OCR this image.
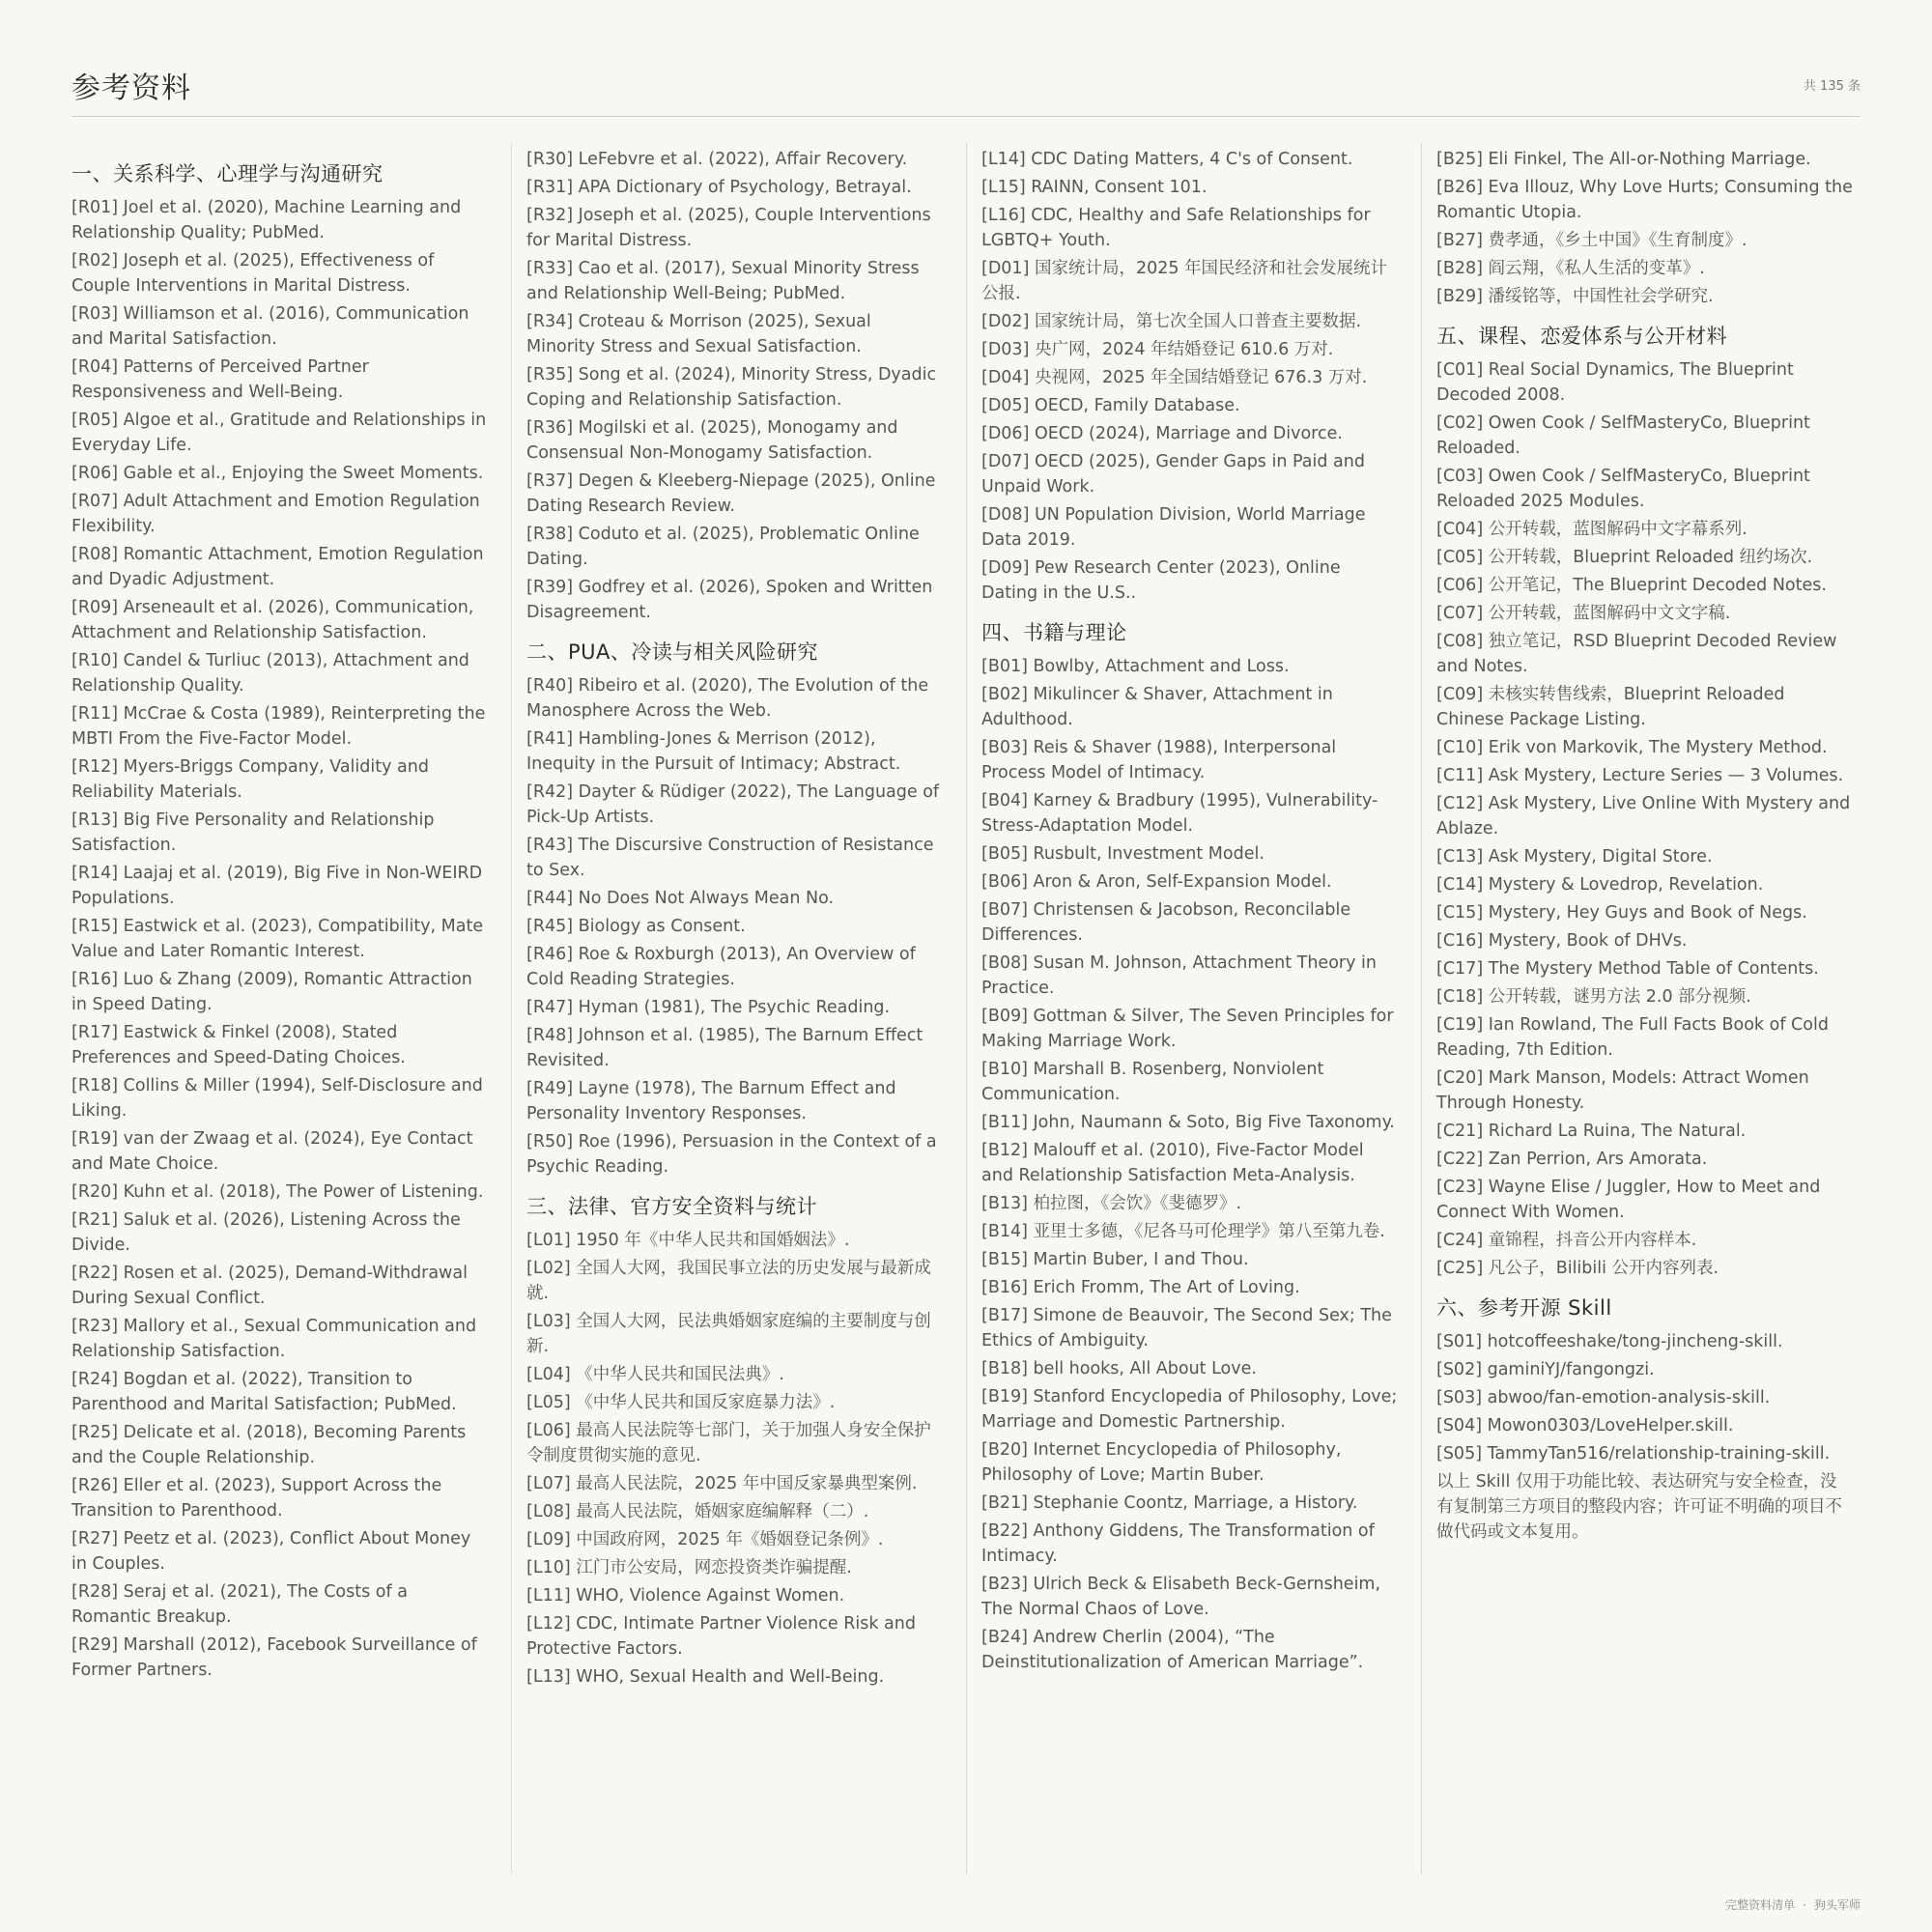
参考资料	共 135 条
一、关系科学、心理学与沟通研究
[R01] Joel et al. (2020), Machine Learning and Relationship Quality; PubMed.
[R02] Joseph et al. (2025), Effectiveness of Couple Interventions in Marital Distress.
[R03] Williamson et al. (2016), Communication and Marital Satisfaction.
[R04] Patterns of Perceived Partner Responsiveness and Well-Being.
[R05] Algoe et al., Gratitude and Relationships in Everyday Life.
[R06] Gable et al., Enjoying the Sweet Moments.
[R07] Adult Attachment and Emotion Regulation Flexibility.
[R08] Romantic Attachment, Emotion Regulation and Dyadic Adjustment.
[R09] Arseneault et al. (2026), Communication, Attachment and Relationship Satisfaction.
[R10] Candel & Turliuc (2013), Attachment and Relationship Quality.
[R11] McCrae & Costa (1989), Reinterpreting the MBTI From the Five-Factor Model.
[R12] Myers-Briggs Company, Validity and Reliability Materials.
[R13] Big Five Personality and Relationship Satisfaction.
[R14] Laajaj et al. (2019), Big Five in Non-WEIRD Populations.
[R15] Eastwick et al. (2023), Compatibility, Mate Value and Later Romantic Interest.
[R16] Luo & Zhang (2009), Romantic Attraction in Speed Dating.
[R17] Eastwick & Finkel (2008), Stated Preferences and Speed-Dating Choices.
[R18] Collins & Miller (1994), Self-Disclosure and Liking.
[R19] van der Zwaag et al. (2024), Eye Contact and Mate Choice.
[R20] Kuhn et al. (2018), The Power of Listening.
[R21] Saluk et al. (2026), Listening Across the Divide.
[R22] Rosen et al. (2025), Demand-Withdrawal During Sexual Conflict.
[R23] Mallory et al., Sexual Communication and Relationship Satisfaction.
[R24] Bogdan et al. (2022), Transition to Parenthood and Marital Satisfaction; PubMed.
[R25] Delicate et al. (2018), Becoming Parents and the Couple Relationship.
[R26] Eller et al. (2023), Support Across the Transition to Parenthood.
[R27] Peetz et al. (2023), Conflict About Money in Couples.
[R28] Seraj et al. (2021), The Costs of a Romantic Breakup.
[R29] Marshall (2012), Facebook Surveillance of Former Partners.
[R30] LeFebvre et al. (2022), Affair Recovery.
[R31] APA Dictionary of Psychology, Betrayal.
[R32] Joseph et al. (2025), Couple Interventions for Marital Distress.
[R33] Cao et al. (2017), Sexual Minority Stress and Relationship Well-Being; PubMed.
[R34] Croteau & Morrison (2025), Sexual Minority Stress and Sexual Satisfaction.
[R35] Song et al. (2024), Minority Stress, Dyadic Coping and Relationship Satisfaction.
[R36] Mogilski et al. (2025), Monogamy and Consensual Non-Monogamy Satisfaction.
[R37] Degen & Kleeberg-Niepage (2025), Online Dating Research Review.
[R38] Coduto et al. (2025), Problematic Online Dating.
[R39] Godfrey et al. (2026), Spoken and Written Disagreement.
二、PUA、冷读与相关风险研究
[R40] Ribeiro et al. (2020), The Evolution of the Manosphere Across the Web.
[R41] Hambling-Jones & Merrison (2012), Inequity in the Pursuit of Intimacy; Abstract.
[R42] Dayter & Rüdiger (2022), The Language of Pick-Up Artists.
[R43] The Discursive Construction of Resistance to Sex.
[R44] No Does Not Always Mean No.
[R45] Biology as Consent.
[R46] Roe & Roxburgh (2013), An Overview of Cold Reading Strategies.
[R47] Hyman (1981), The Psychic Reading.
[R48] Johnson et al. (1985), The Barnum Effect Revisited.
[R49] Layne (1978), The Barnum Effect and Personality Inventory Responses.
[R50] Roe (1996), Persuasion in the Context of a Psychic Reading.
三、法律、官方安全资料与统计
[L01] 1950 年《中华人民共和国婚姻法》.
[L02] 全国人大网，我国民事立法的历史发展与最新成就.
[L03] 全国人大网，民法典婚姻家庭编的主要制度与创新.
[L04] 《中华人民共和国民法典》.
[L05] 《中华人民共和国反家庭暴力法》.
[L06] 最高人民法院等七部门，关于加强人身安全保护令制度贯彻实施的意见.
[L07] 最高人民法院，2025 年中国反家暴典型案例.
[L08] 最高人民法院，婚姻家庭编解释（二）.
[L09] 中国政府网，2025 年《婚姻登记条例》.
[L10] 江门市公安局，网恋投资类诈骗提醒.
[L11] WHO, Violence Against Women.
[L12] CDC, Intimate Partner Violence Risk and Protective Factors.
[L13] WHO, Sexual Health and Well-Being.
[L14] CDC Dating Matters, 4 C's of Consent.
[L15] RAINN, Consent 101.
[L16] CDC, Healthy and Safe Relationships for LGBTQ+ Youth.
[D01] 国家统计局，2025 年国民经济和社会发展统计公报.
[D02] 国家统计局，第七次全国人口普查主要数据.
[D03] 央广网，2024 年结婚登记 610.6 万对.
[D04] 央视网，2025 年全国结婚登记 676.3 万对.
[D05] OECD, Family Database.
[D06] OECD (2024), Marriage and Divorce.
[D07] OECD (2025), Gender Gaps in Paid and Unpaid Work.
[D08] UN Population Division, World Marriage Data 2019.
[D09] Pew Research Center (2023), Online Dating in the U.S..
四、书籍与理论
[B01] Bowlby, Attachment and Loss.
[B02] Mikulincer & Shaver, Attachment in Adulthood.
[B03] Reis & Shaver (1988), Interpersonal Process Model of Intimacy.
[B04] Karney & Bradbury (1995), Vulnerability-Stress-Adaptation Model.
[B05] Rusbult, Investment Model.
[B06] Aron & Aron, Self-Expansion Model.
[B07] Christensen & Jacobson, Reconcilable Differences.
[B08] Susan M. Johnson, Attachment Theory in Practice.
[B09] Gottman & Silver, The Seven Principles for Making Marriage Work.
[B10] Marshall B. Rosenberg, Nonviolent Communication.
[B11] John, Naumann & Soto, Big Five Taxonomy.
[B12] Malouff et al. (2010), Five-Factor Model and Relationship Satisfaction Meta-Analysis.
[B13] 柏拉图，《会饮》《斐德罗》.
[B14] 亚里士多德，《尼各马可伦理学》第八至第九卷.
[B15] Martin Buber, I and Thou.
[B16] Erich Fromm, The Art of Loving.
[B17] Simone de Beauvoir, The Second Sex; The Ethics of Ambiguity.
[B18] bell hooks, All About Love.
[B19] Stanford Encyclopedia of Philosophy, Love; Marriage and Domestic Partnership.
[B20] Internet Encyclopedia of Philosophy, Philosophy of Love; Martin Buber.
[B21] Stephanie Coontz, Marriage, a History.
[B22] Anthony Giddens, The Transformation of Intimacy.
[B23] Ulrich Beck & Elisabeth Beck-Gernsheim, The Normal Chaos of Love.
[B24] Andrew Cherlin (2004), “The Deinstitutionalization of American Marriage”.
[B25] Eli Finkel, The All-or-Nothing Marriage.
[B26] Eva Illouz, Why Love Hurts; Consuming the Romantic Utopia.
[B27] 费孝通，《乡土中国》《生育制度》.
[B28] 阎云翔，《私人生活的变革》.
[B29] 潘绥铭等，中国性社会学研究.
五、课程、恋爱体系与公开材料
[C01] Real Social Dynamics, The Blueprint Decoded 2008.
[C02] Owen Cook / SelfMasteryCo, Blueprint Reloaded.
[C03] Owen Cook / SelfMasteryCo, Blueprint Reloaded 2025 Modules.
[C04] 公开转载，蓝图解码中文字幕系列.
[C05] 公开转载，Blueprint Reloaded 纽约场次.
[C06] 公开笔记，The Blueprint Decoded Notes.
[C07] 公开转载，蓝图解码中文文字稿.
[C08] 独立笔记，RSD Blueprint Decoded Review and Notes.
[C09] 未核实转售线索，Blueprint Reloaded Chinese Package Listing.
[C10] Erik von Markovik, The Mystery Method.
[C11] Ask Mystery, Lecture Series — 3 Volumes.
[C12] Ask Mystery, Live Online With Mystery and Ablaze.
[C13] Ask Mystery, Digital Store.
[C14] Mystery & Lovedrop, Revelation.
[C15] Mystery, Hey Guys and Book of Negs.
[C16] Mystery, Book of DHVs.
[C17] The Mystery Method Table of Contents.
[C18] 公开转载，谜男方法 2.0 部分视频.
[C19] Ian Rowland, The Full Facts Book of Cold Reading, 7th Edition.
[C20] Mark Manson, Models: Attract Women Through Honesty.
[C21] Richard La Ruina, The Natural.
[C22] Zan Perrion, Ars Amorata.
[C23] Wayne Elise / Juggler, How to Meet and Connect With Women.
[C24] 童锦程，抖音公开内容样本.
[C25] 凡公子，Bilibili 公开内容列表.
六、参考开源 Skill
[S01] hotcoffeeshake/tong-jincheng-skill.
[S02] gaminiYJ/fangongzi.
[S03] abwoo/fan-emotion-analysis-skill.
[S04] Mowon0303/LoveHelper.skill.
[S05] TammyTan516/relationship-training-skill.
以上 Skill 仅用于功能比较、表达研究与安全检查，没有复制第三方项目的整段内容；许可证不明确的项目不做代码或文本复用。
完整资料清单 · 狗头军师
